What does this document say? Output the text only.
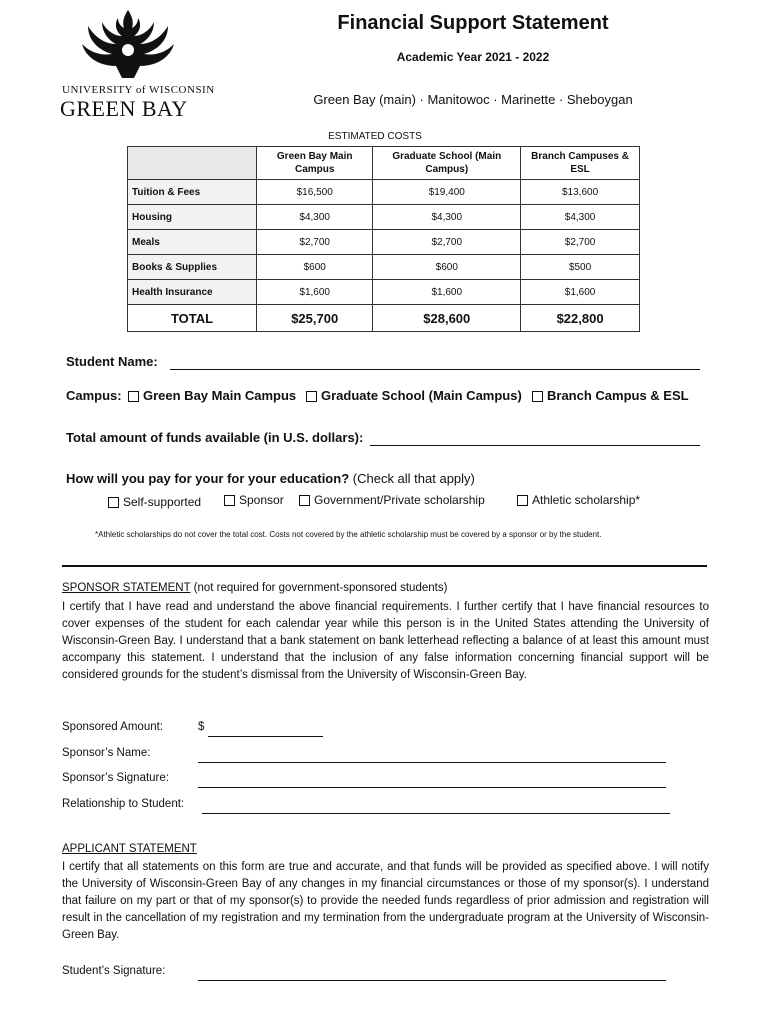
UNIVERSITY of WISCONSIN
GREEN BAY
Financial Support Statement
Academic Year 2021 - 2022
Green Bay (main) · Manitowoc · Marinette · Sheboygan
ESTIMATED COSTS
	Green Bay Main Campus	Graduate School (Main Campus)	Branch Campuses & ESL
Tuition & Fees	$16,500	$19,400	$13,600
Housing	$4,300	$4,300	$4,300
Meals	$2,700	$2,700	$2,700
Books & Supplies	$600	$600	$500
Health Insurance	$1,600	$1,600	$1,600
TOTAL	$25,700	$28,600	$22,800
Student Name:
Campus:	Green Bay Main Campus	Graduate School (Main Campus)	Branch Campus & ESL
Total amount of funds available (in U.S. dollars):
How will you pay for your for your education? (Check all that apply)
Self-supported	Sponsor	Government/Private scholarship	Athletic scholarship*
*Athletic scholarships do not cover the total cost. Costs not covered by the athletic scholarship must be covered by a sponsor or by the student.
SPONSOR STATEMENT (not required for government-sponsored students)
I certify that I have read and understand the above financial requirements. I further certify that I have financial resources to cover expenses of the student for each calendar year while this person is in the United States attending the University of Wisconsin-Green Bay. I understand that a bank statement on bank letterhead reflecting a balance of at least this amount must accompany this statement. I understand that the inclusion of any false information concerning financial support will be considered grounds for the student’s dismissal from the University of Wisconsin-Green Bay.
Sponsored Amount:	$
Sponsor’s Name:
Sponsor’s Signature:
Relationship to Student:
APPLICANT STATEMENT
I certify that all statements on this form are true and accurate, and that funds will be provided as specified above. I will notify the University of Wisconsin-Green Bay of any changes in my financial circumstances or those of my sponsor(s). I understand that failure on my part or that of my sponsor(s) to provide the needed funds regardless of prior admission and registration will result in the cancellation of my registration and my termination from the undergraduate program at the University of Wisconsin-Green Bay.
Student’s Signature:
